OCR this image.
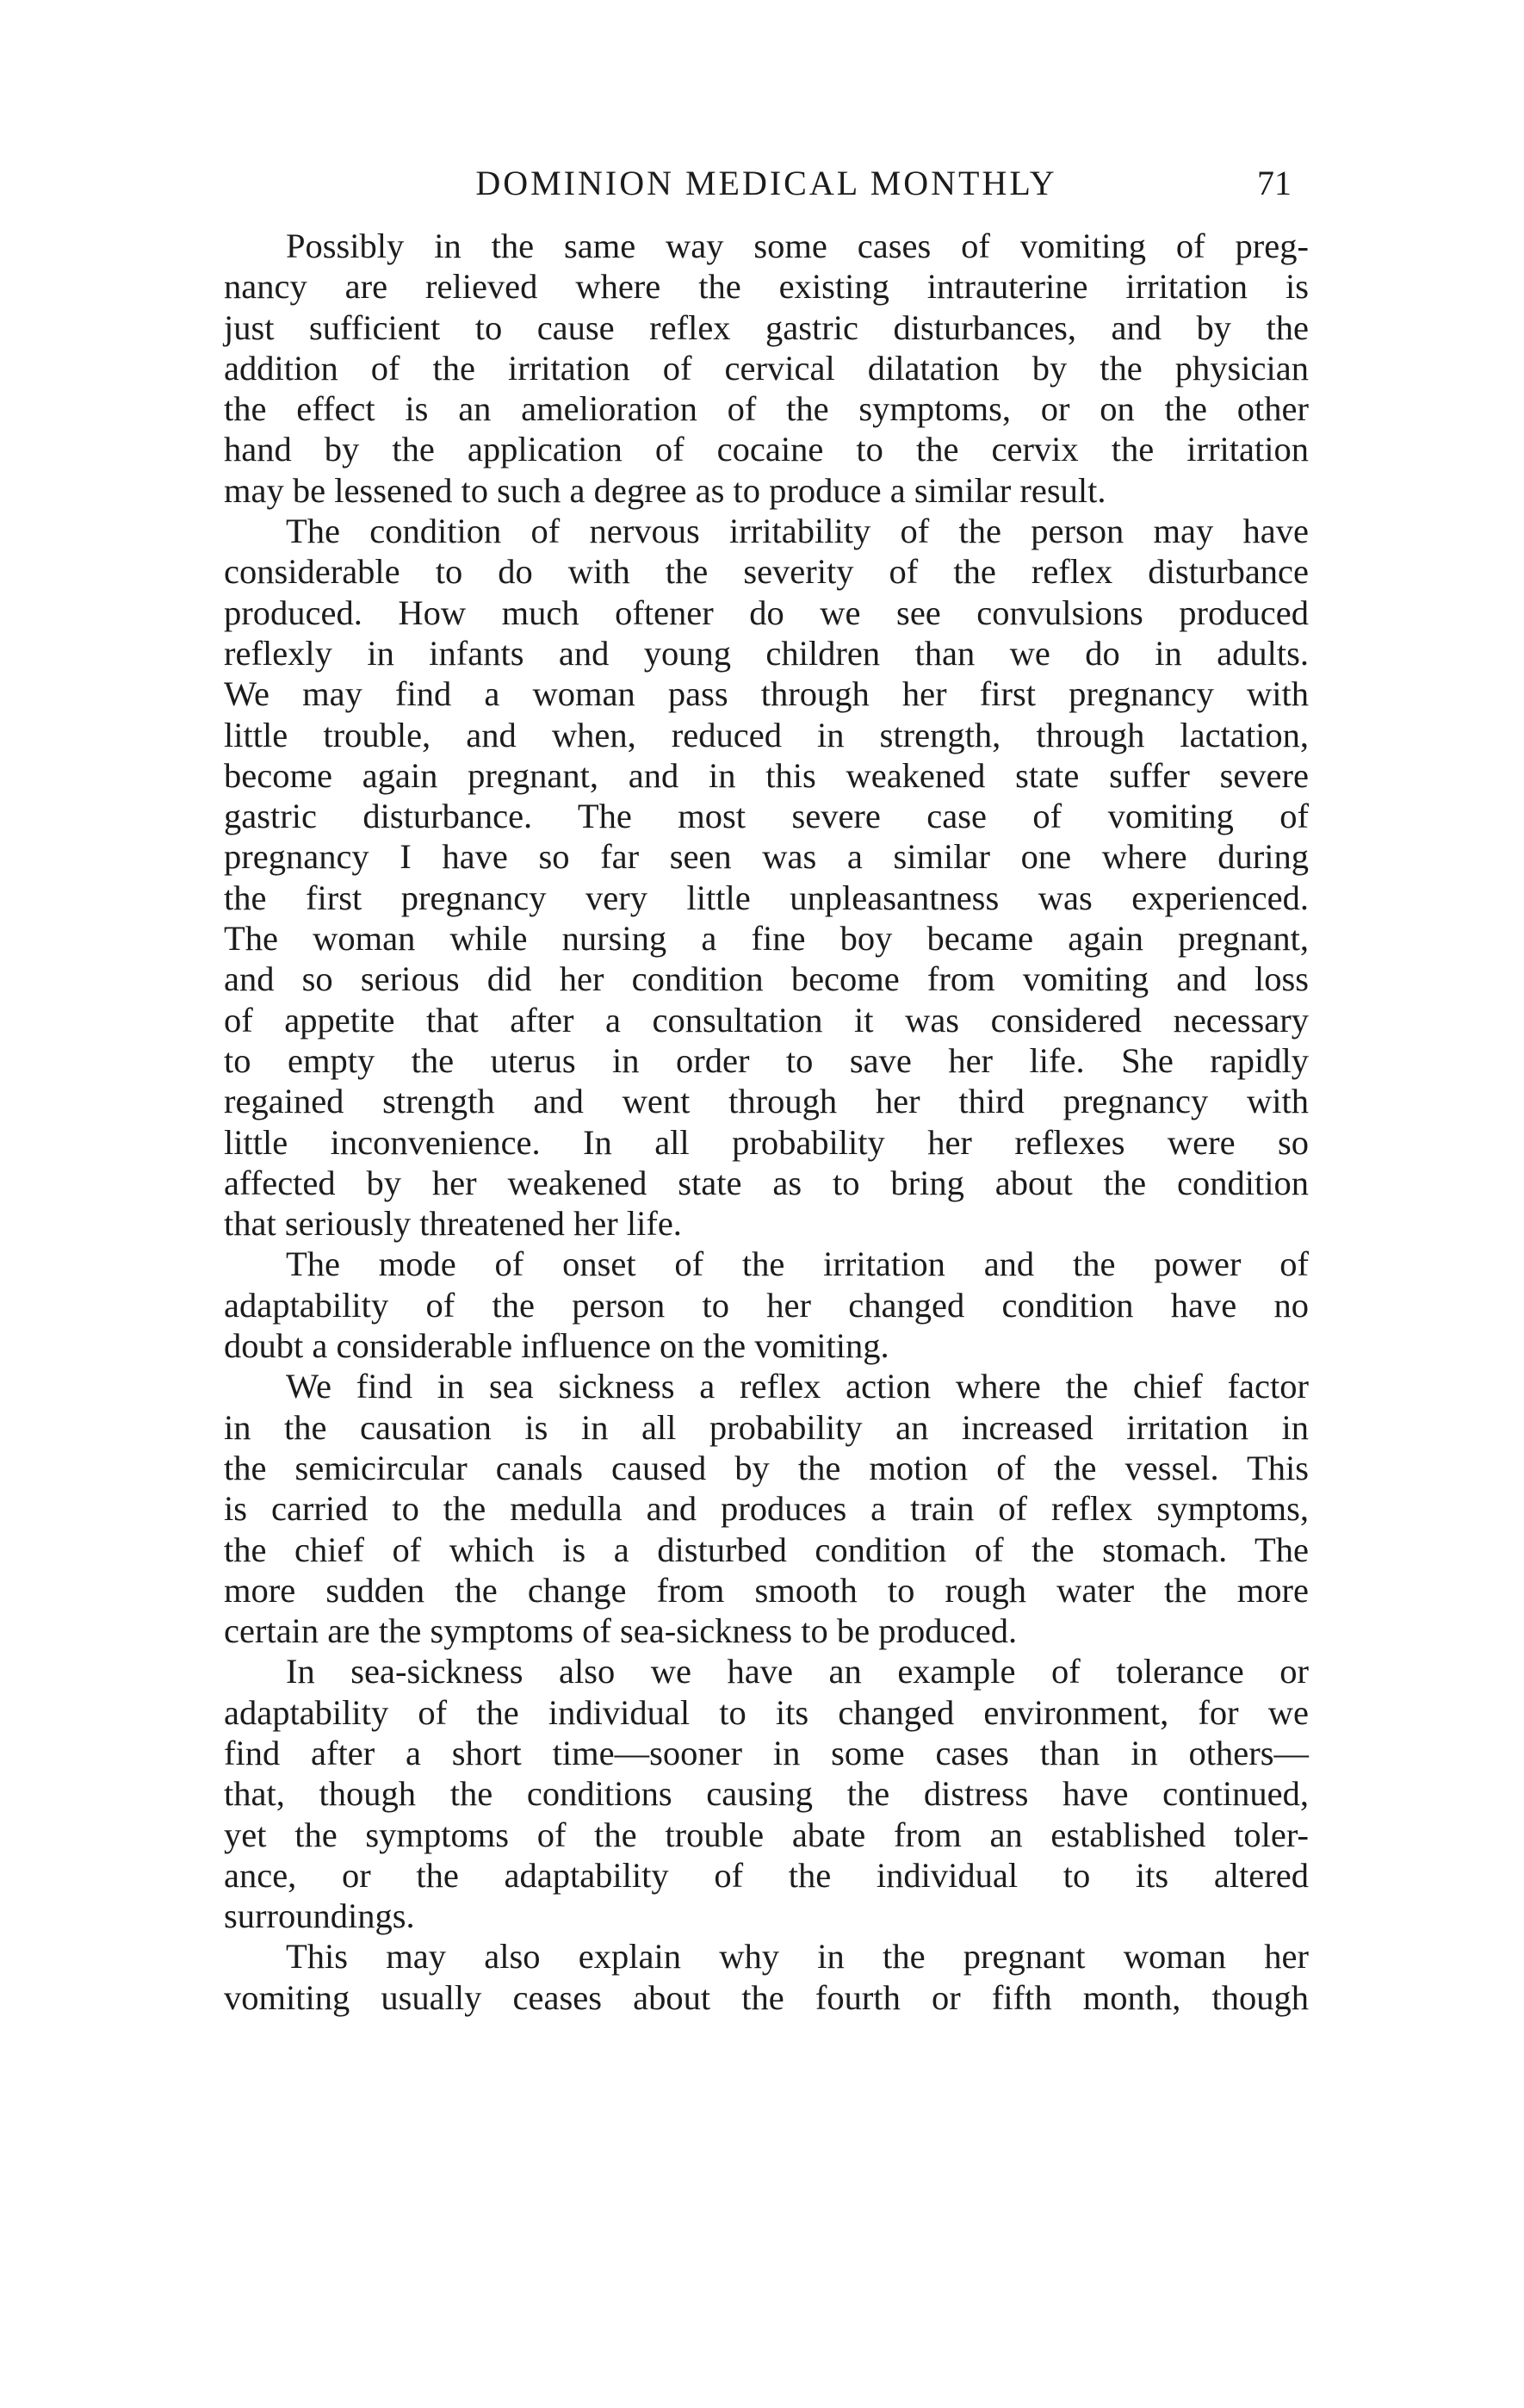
DOMINION MEDICAL MONTHLY	71
Possibly in the same way some cases of vomiting of preg-
nancy are relieved where the existing intrauterine irritation is
just sufficient to cause reflex gastric disturbances, and by the
addition of the irritation of cervical dilatation by the physician
the effect is an amelioration of the symptoms, or on the other
hand by the application of cocaine to the cervix the irritation
may be lessened to such a degree as to produce a similar result.
The condition of nervous irritability of the person may have
considerable to do with the severity of the reflex disturbance
produced. How much oftener do we see convulsions produced
reflexly in infants and young children than we do in adults.
We may find a woman pass through her first pregnancy with
little trouble, and when, reduced in strength, through lactation,
become again pregnant, and in this weakened state suffer severe
gastric disturbance. The most severe case of vomiting of
pregnancy I have so far seen was a similar one where during
the first pregnancy very little unpleasantness was experienced.
The woman while nursing a fine boy became again pregnant,
and so serious did her condition become from vomiting and loss
of appetite that after a consultation it was considered necessary
to empty the uterus in order to save her life. She rapidly
regained strength and went through her third pregnancy with
little inconvenience. In all probability her reflexes were so
affected by her weakened state as to bring about the condition
that seriously threatened her life.
The mode of onset of the irritation and the power of
adaptability of the person to her changed condition have no
doubt a considerable influence on the vomiting.
We find in sea sickness a reflex action where the chief factor
in the causation is in all probability an increased irritation in
the semicircular canals caused by the motion of the vessel. This
is carried to the medulla and produces a train of reflex symptoms,
the chief of which is a disturbed condition of the stomach. The
more sudden the change from smooth to rough water the more
certain are the symptoms of sea-sickness to be produced.
In sea-sickness also we have an example of tolerance or
adaptability of the individual to its changed environment, for we
find after a short time—sooner in some cases than in others—
that, though the conditions causing the distress have continued,
yet the symptoms of the trouble abate from an established toler-
ance, or the adaptability of the individual to its altered
surroundings.
This may also explain why in the pregnant woman her
vomiting usually ceases about the fourth or fifth month, though
